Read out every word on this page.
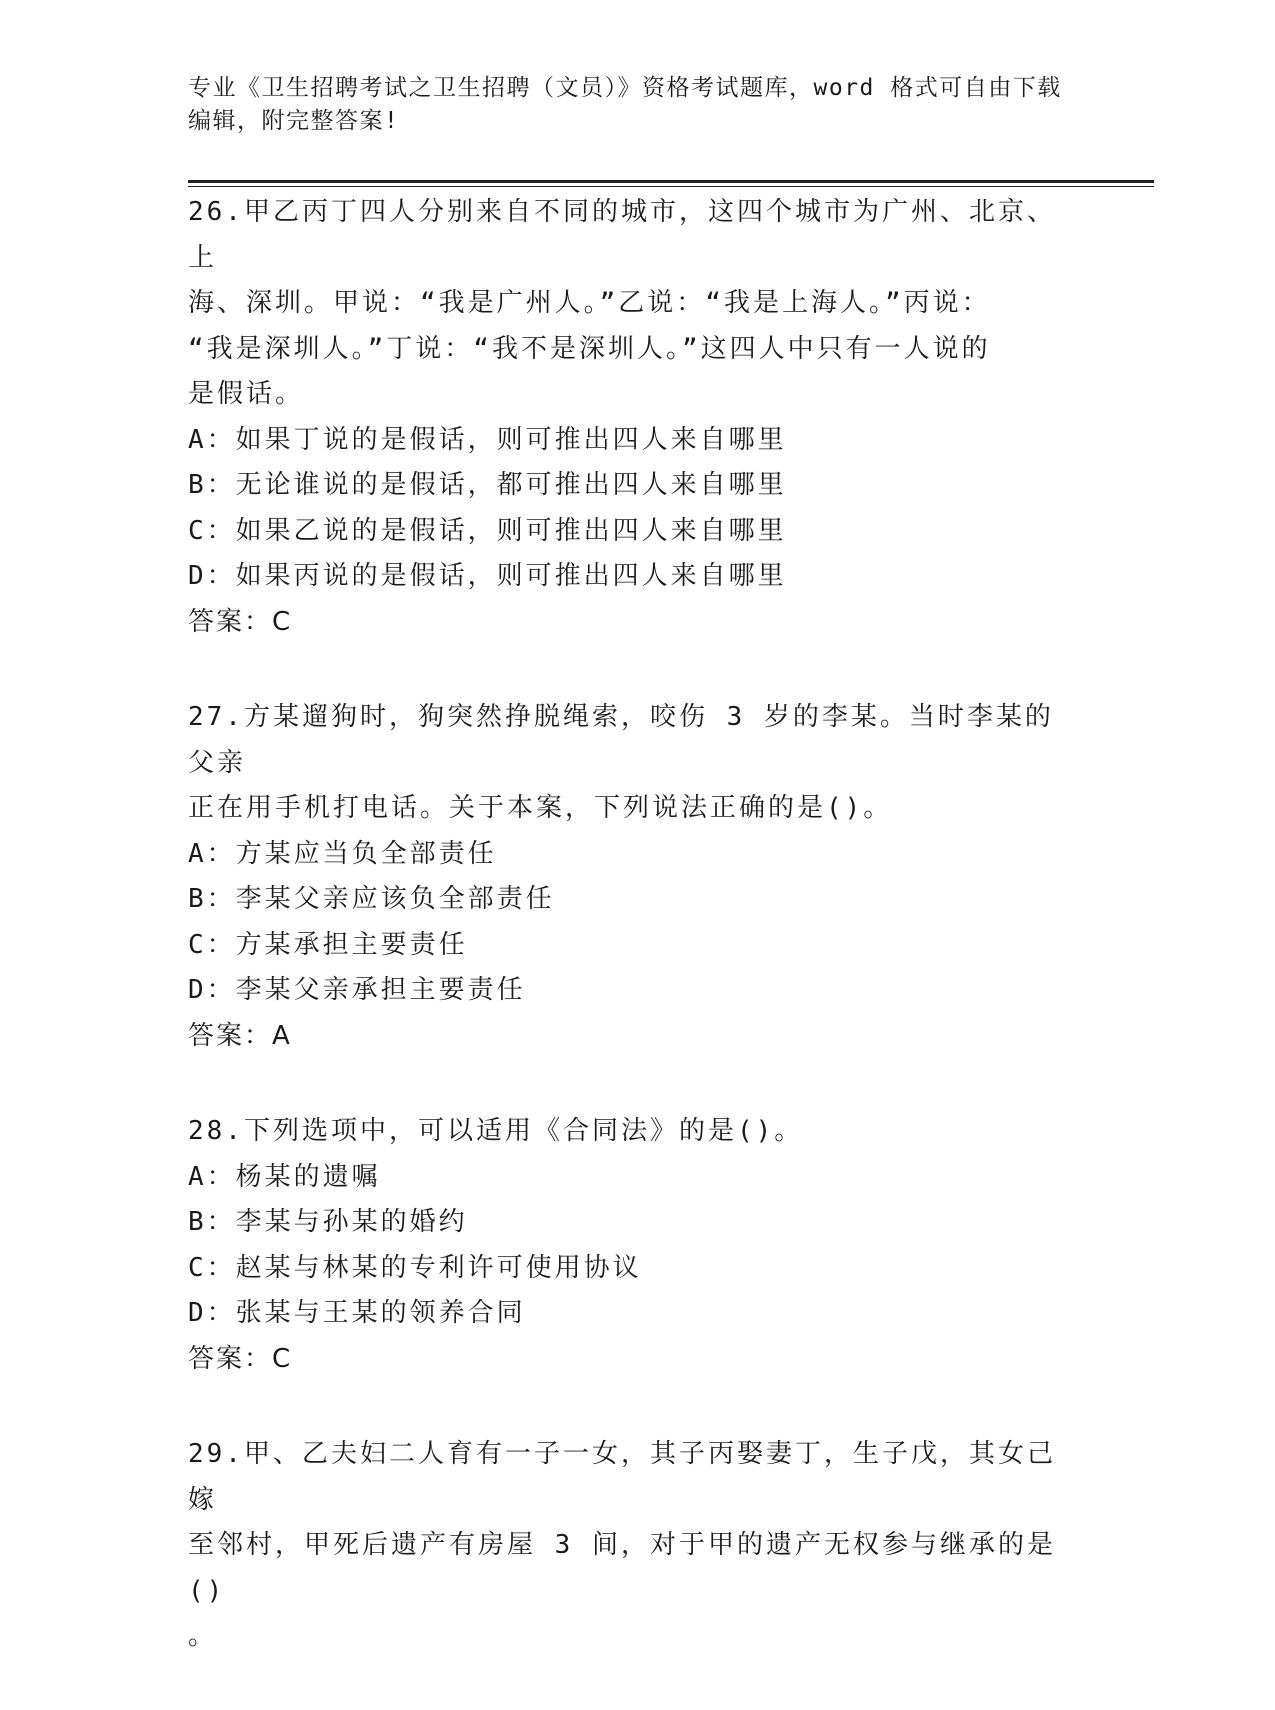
专业《卫生招聘考试之卫生招聘（文员）》资格考试题库，word 格式可自由下载
编辑，附完整答案!
26.甲乙丙丁四人分别来自不同的城市，这四个城市为广州、北京、上
海、深圳。甲说：“我是广州人。”乙说：“我是上海人。”丙说：
“我是深圳人。”丁说：“我不是深圳人。”这四人中只有一人说的
是假话。
A：如果丁说的是假话，则可推出四人来自哪里
B：无论谁说的是假话，都可推出四人来自哪里
C：如果乙说的是假话，则可推出四人来自哪里
D：如果丙说的是假话，则可推出四人来自哪里
答案：C
27.方某遛狗时，狗突然挣脱绳索，咬伤 3 岁的李某。当时李某的父亲
正在用手机打电话。关于本案，下列说法正确的是()。
A：方某应当负全部责任
B：李某父亲应该负全部责任
C：方某承担主要责任
D：李某父亲承担主要责任
答案：A
28.下列选项中，可以适用《合同法》的是()。
A：杨某的遗嘱
B：李某与孙某的婚约
C：赵某与林某的专利许可使用协议
D：张某与王某的领养合同
答案：C
29.甲、乙夫妇二人育有一子一女，其子丙娶妻丁，生子戊，其女己嫁
至邻村，甲死后遗产有房屋 3 间，对于甲的遗产无权参与继承的是()
。
